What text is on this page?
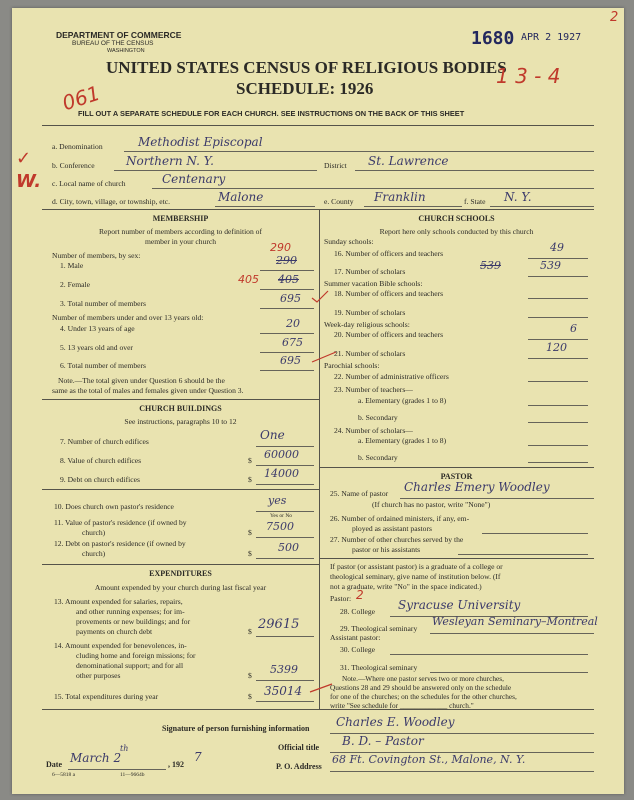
DEPARTMENT OF COMMERCE
BUREAU OF THE CENSUS
WASHINGTON
1680 APR 2 1927
2
UNITED STATES CENSUS OF RELIGIOUS BODIES
SCHEDULE: 1926
061
1 3 - 4
FILL OUT A SEPARATE SCHEDULE FOR EACH CHURCH. SEE INSTRUCTIONS ON THE BACK OF THIS SHEET
✓
W.
a. Denomination	Methodist Episcopal
b. Conference	Northern N. Y.	District St. Lawrence
c. Local name of church	Centenary
d. City, town, village, or township, etc.	Malone	e. County Franklin	f. State N. Y.
MEMBERSHIP
Report number of members according to definition of
member in your church
Number of members, by sex:
1. Male
290
290
2. Female	405 405
3. Total number of members	695
Number of members under and over 13 years old:
4. Under 13 years of age	20
5. 13 years old and over	675
6. Total number of members	695
Note.—The total given under Question 6 should be the
same as the total of males and females given under Question 3.
CHURCH BUILDINGS
See instructions, paragraphs 10 to 12
7. Number of church edifices	One
8. Value of church edifices	$ 60000
9. Debt on church edifices	$ 14000
10. Does church own pastor's residence	yes
Yes or No
11. Value of pastor's residence (if owned by
church)	$ 7500
12. Debt on pastor's residence (if owned by
church)	$ 500
EXPENDITURES
Amount expended by your church during last fiscal year
13. Amount expended for salaries, repairs,
and other running expenses; for im-
provements or new buildings; and for
payments on church debt	$ 29615
14. Amount expended for benevolences, in-
cluding home and foreign missions; for
denominational support; and for all
other purposes	$ 5399
15. Total expenditures during year	$ 35014
CHURCH SCHOOLS
Report here only schools conducted by this church
Sunday schools:
16. Number of officers and teachers	49
17. Number of scholars	539	539
Summer vacation Bible schools:
18. Number of officers and teachers
19. Number of scholars
Week-day religious schools:
20. Number of officers and teachers	6
21. Number of scholars	120
Parochial schools:
22. Number of administrative officers
23. Number of teachers—
a. Elementary (grades 1 to 8)
b. Secondary
24. Number of scholars—
a. Elementary (grades 1 to 8)
b. Secondary
PASTOR
25. Name of pastor Charles Emery Woodley
(If church has no pastor, write "None")
26. Number of ordained ministers, if any, em-
ployed as assistant pastors
27. Number of other churches served by the
pastor or his assistants
If pastor (or assistant pastor) is a graduate of a college or
theological seminary, give name of institution below. (If
not a graduate, write "No" in the space indicated.)
Pastor: 2
28. College Syracuse University
29. Theological seminary
Wesleyan Seminary–Montreal
Assistant pastor:
30. College
31. Theological seminary
Note.—Where one pastor serves two or more churches,
Questions 28 and 29 should be answered only on the schedule
for one of the churches; on the schedules for the other churches,
write "See schedule for _____________ church."
Signature of person furnishing information Charles E. Woodley
Official title B. D. – Pastor
Date March 2
th
, 192
7
P. O. Address
68 Ft. Covington St., Malone, N. Y.
6—5818 a	11—9664b
